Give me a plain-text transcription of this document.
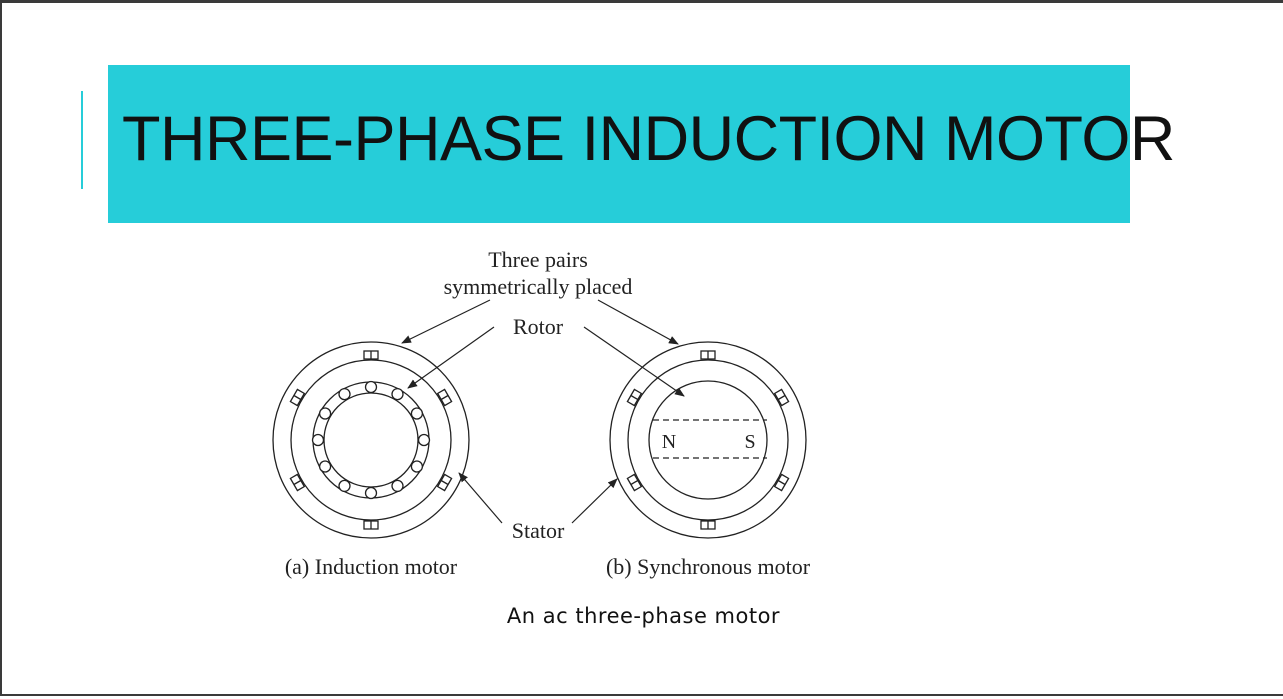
THREE-PHASE INDUCTION MOTOR
Three pairs
symmetrically placed
Rotor
Stator
N	S
(a) Induction motor	(b) Synchronous motor
An ac three-phase motor
